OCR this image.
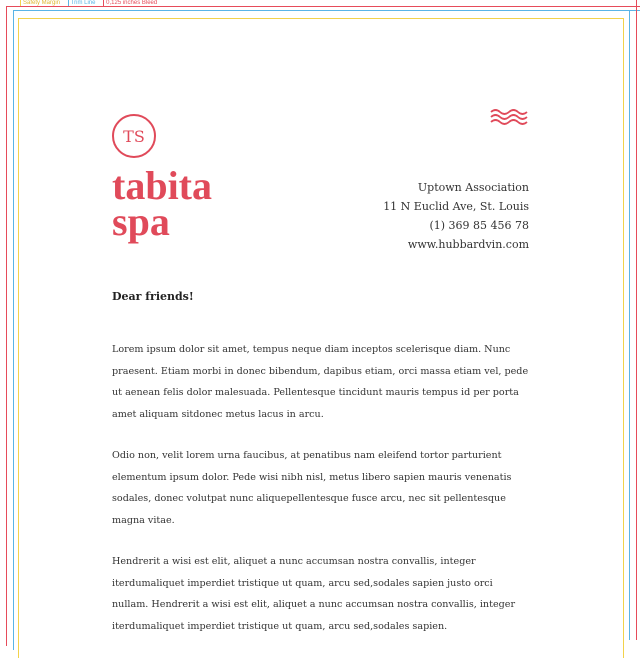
Safety Margin Trim Line 0,125 inches Bleed
TS
tabita
spa
Uptown Association
11 N Euclid Ave, St. Louis
(1) 369 85 456 78
www.hubbardvin.com
Dear friends!

Lorem ipsum dolor sit amet, tempus neque diam inceptos scelerisque diam. Nunc praesent. Etiam morbi in donec bibendum, dapibus etiam, orci massa etiam vel, pede ut aenean felis dolor malesuada. Pellentesque tincidunt mauris tempus id per porta amet aliquam sitdonec metus lacus in arcu.

Odio non, velit lorem urna faucibus, at penatibus nam eleifend tortor parturient elementum ipsum dolor. Pede wisi nibh nisl, metus libero sapien mauris venenatis sodales, donec volutpat nunc aliquepellentesque fusce arcu, nec sit pellentesque magna vitae.

Hendrerit a wisi est elit, aliquet a nunc accumsan nostra convallis, integer iterdumaliquet imperdiet tristique ut quam, arcu sed,sodales sapien justo orci nullam. Hendrerit a wisi est elit, aliquet a nunc accumsan nostra convallis, integer iterdumaliquet imperdiet tristique ut quam, arcu sed,sodales sapien.
